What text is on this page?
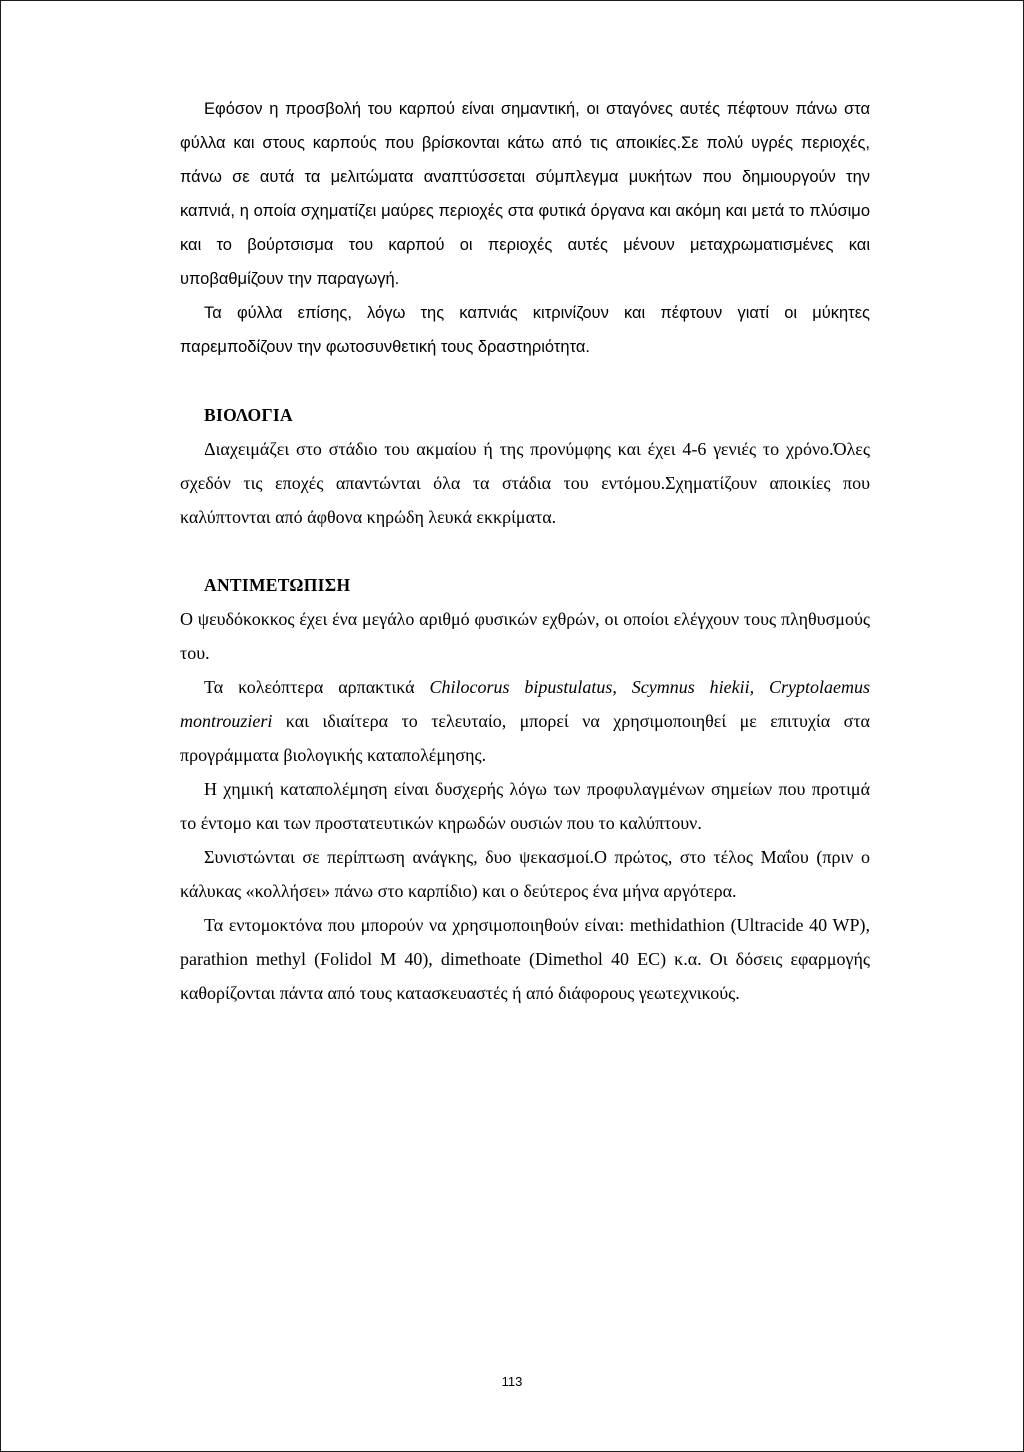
Εφόσον η προσβολή του καρπού είναι σημαντική, οι σταγόνες αυτές πέφτουν πάνω στα φύλλα και στους καρπούς που βρίσκονται κάτω από τις αποικίες.Σε πολύ υγρές περιοχές, πάνω σε αυτά τα μελιτώματα αναπτύσσεται σύμπλεγμα μυκήτων που δημιουργούν την καπνιά, η οποία σχηματίζει μαύρες περιοχές στα φυτικά όργανα και ακόμη και μετά το πλύσιμο και το βούρτσισμα του καρπού οι περιοχές αυτές μένουν μεταχρωματισμένες και υποβαθμίζουν την παραγωγή.

Τα φύλλα επίσης, λόγω της καπνιάς κιτρινίζουν και πέφτουν γιατί οι μύκητες παρεμποδίζουν την φωτοσυνθετική τους δραστηριότητα.

ΒΙΟΛΟΓΙΑ

Διαχειμάζει στο στάδιο του ακμαίου ή της προνύμφης και έχει 4-6 γενιές το χρόνο.Όλες σχεδόν τις εποχές απαντώνται όλα τα στάδια του εντόμου.Σχηματίζουν αποικίες που καλύπτονται από άφθονα κηρώδη λευκά εκκρίματα.

ΑΝΤΙΜΕΤΩΠΙΣΗ

Ο ψευδόκοκκος έχει ένα μεγάλο αριθμό φυσικών εχθρών, οι οποίοι ελέγχουν τους πληθυσμούς του.

Τα κολεόπτερα αρπακτικά Chilocorus bipustulatus, Scymnus hiekii, Cryptolaemus montrouzieri και ιδιαίτερα το τελευταίο, μπορεί να χρησιμοποιηθεί με επιτυχία στα προγράμματα βιολογικής καταπολέμησης.

Η χημική καταπολέμηση είναι δυσχερής λόγω των προφυλαγμένων σημείων που προτιμά το έντομο και των προστατευτικών κηρωδών ουσιών που το καλύπτουν.

Συνιστώνται σε περίπτωση ανάγκης, δυο ψεκασμοί.Ο πρώτος, στο τέλος Μαΐου (πριν ο κάλυκας «κολλήσει» πάνω στο καρπίδιο) και ο δεύτερος ένα μήνα αργότερα.

Τα εντομοκτόνα που μπορούν να χρησιμοποιηθούν είναι: methidathion (Ultracide 40 WP), parathion methyl (Folidol M 40), dimethoate (Dimethol 40 EC) κ.α. Οι δόσεις εφαρμογής καθορίζονται πάντα από τους κατασκευαστές ή από διάφορους γεωτεχνικούς.

113
